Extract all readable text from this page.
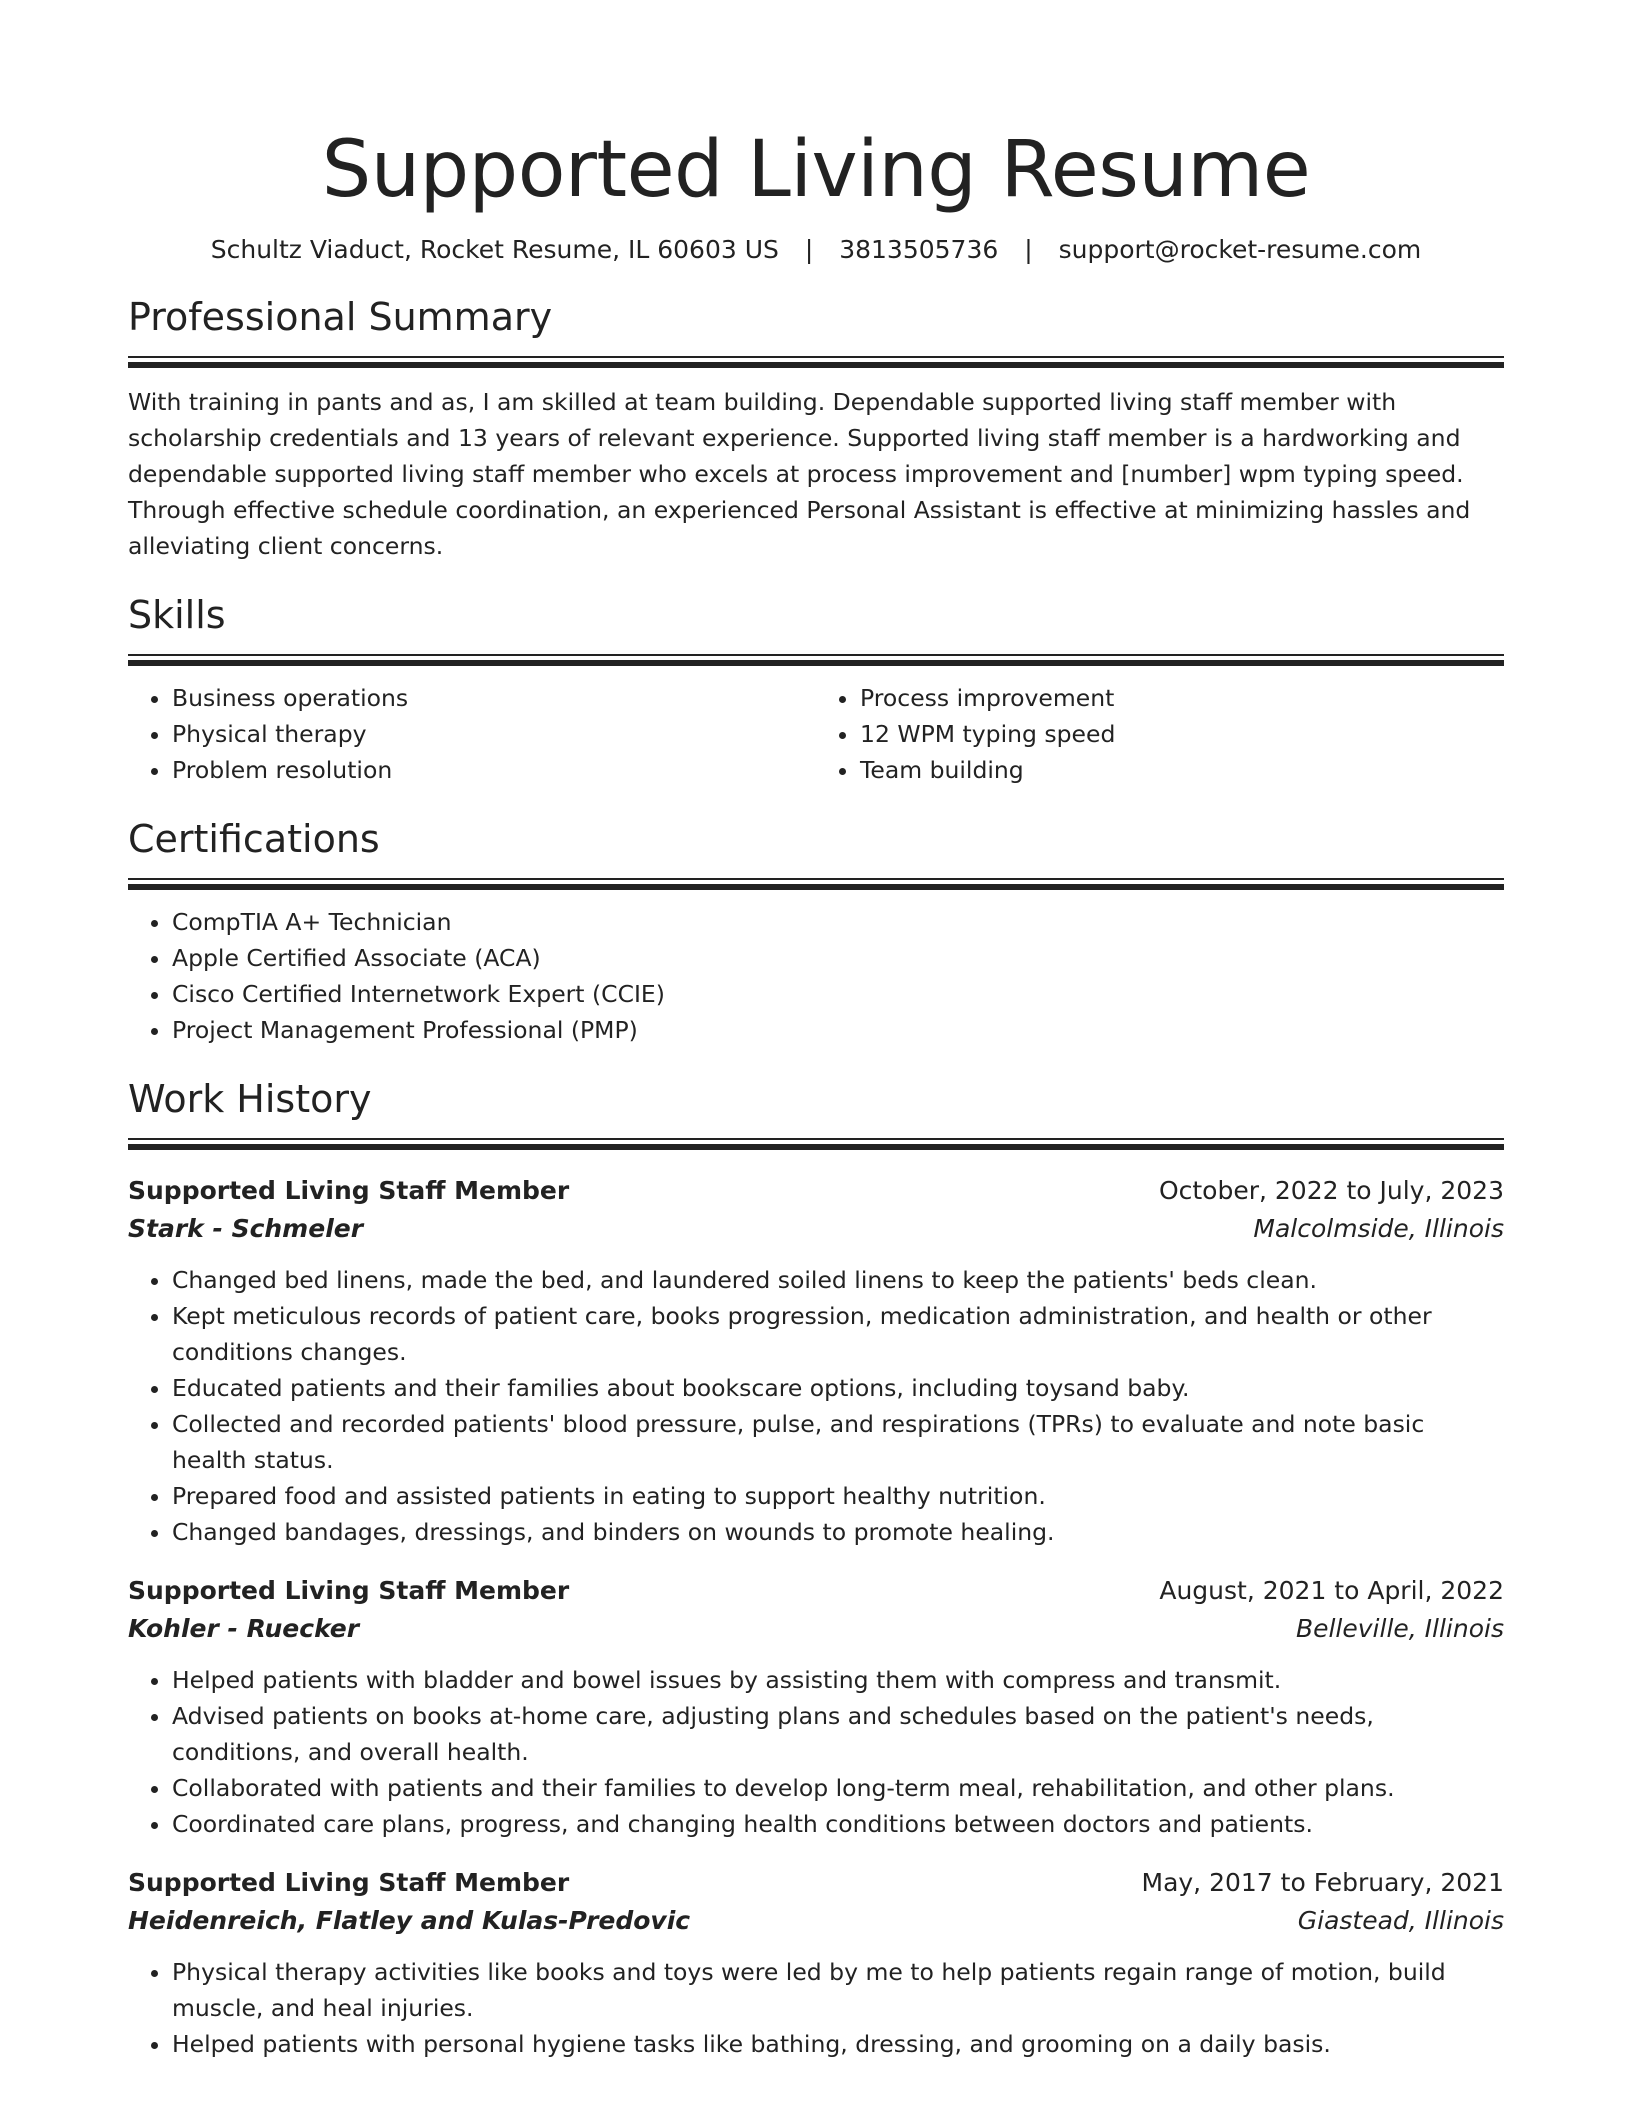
Supported Living Resume
Schultz Viaduct, Rocket Resume, IL 60603 US | 3813505736 | support@rocket-resume.com
Professional Summary

With training in pants and as, I am skilled at team building. Dependable supported living staff member with scholarship credentials and 13 years of relevant experience. Supported living staff member is a hardworking and dependable supported living staff member who excels at process improvement and [number] wpm typing speed. Through effective schedule coordination, an experienced Personal Assistant is effective at minimizing hassles and alleviating client concerns.

Skills
• Business operations
• Physical therapy
• Problem resolution
• Process improvement
• 12 WPM typing speed
• Team building
Certifications
• CompTIA A+ Technician
• Apple Certified Associate (ACA)
• Cisco Certified Internetwork Expert (CCIE)
• Project Management Professional (PMP)
Work History
Supported Living Staff Member	October, 2022 to July, 2023
Stark - Schmeler	Malcolmside, Illinois
• Changed bed linens, made the bed, and laundered soiled linens to keep the patients' beds clean.
• Kept meticulous records of patient care, books progression, medication administration, and health or other conditions changes.
• Educated patients and their families about bookscare options, including toysand baby.
• Collected and recorded patients' blood pressure, pulse, and respirations (TPRs) to evaluate and note basic health status.
• Prepared food and assisted patients in eating to support healthy nutrition.
• Changed bandages, dressings, and binders on wounds to promote healing.
Supported Living Staff Member	August, 2021 to April, 2022
Kohler - Ruecker	Belleville, Illinois
• Helped patients with bladder and bowel issues by assisting them with compress and transmit.
• Advised patients on books at-home care, adjusting plans and schedules based on the patient's needs, conditions, and overall health.
• Collaborated with patients and their families to develop long-term meal, rehabilitation, and other plans.
• Coordinated care plans, progress, and changing health conditions between doctors and patients.
Supported Living Staff Member	May, 2017 to February, 2021
Heidenreich, Flatley and Kulas-Predovic	Giastead, Illinois
• Physical therapy activities like books and toys were led by me to help patients regain range of motion, build muscle, and heal injuries.
• Helped patients with personal hygiene tasks like bathing, dressing, and grooming on a daily basis.
